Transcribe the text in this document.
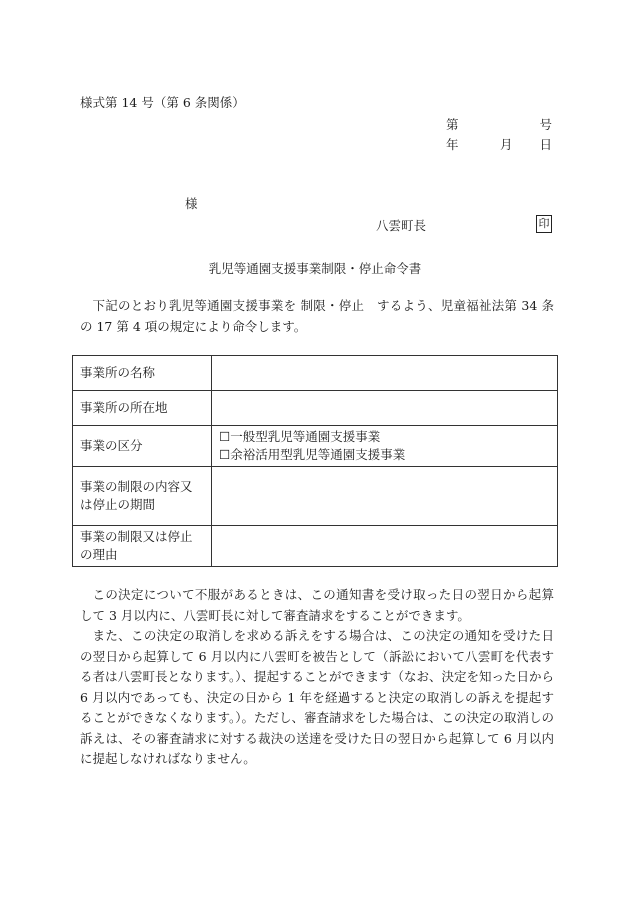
様式第 14 号（第 6 条関係）
第	号
年	月 日
様
八雲町長	印
乳児等通園支援事業制限・停止命令書
下記のとおり乳児等通園支援事業を 制限・停止　するよう、児童福祉法第 34 条の 17 第 4 項の規定により命令します。
事業所の名称	
事業所の所在地	
事業の区分	☐一般型乳児等通園支援事業
☐余裕活用型乳児等通園支援事業

事業の制限の内容又は停止の期間	
事業の制限又は停止の理由	

この決定について不服があるときは、この通知書を受け取った日の翌日から起算して 3 月以内に、八雲町長に対して審査請求をすることができます。

また、この決定の取消しを求める訴えをする場合は、この決定の通知を受けた日の翌日から起算して 6 月以内に八雲町を被告として（訴訟において八雲町を代表する者は八雲町長となります。）、提起することができます（なお、決定を知った日から 6 月以内であっても、決定の日から 1 年を経過すると決定の取消しの訴えを提起することができなくなります。）。ただし、審査請求をした場合は、この決定の取消しの訴えは、その審査請求に対する裁決の送達を受けた日の翌日から起算して 6 月以内に提起しなければなりません。
